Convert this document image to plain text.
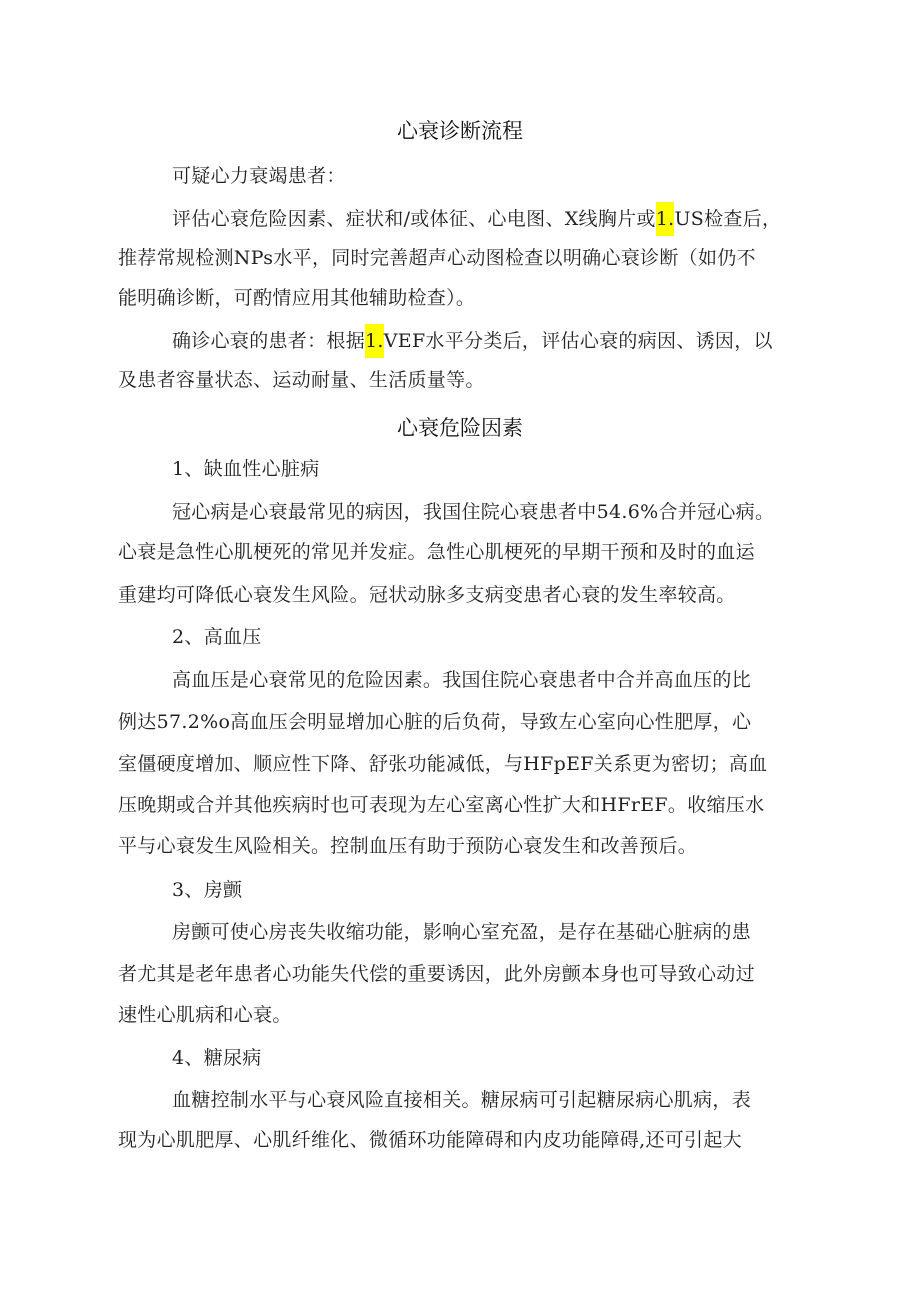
心衰诊断流程
可疑心力衰竭患者：
评估心衰危险因素、症状和/或体征、心电图、X线胸片或1.US检查后，
推荐常规检测NPs水平，同时完善超声心动图检查以明确心衰诊断（如仍不
能明确诊断，可酌情应用其他辅助检查）。
确诊心衰的患者：根据1.VEF水平分类后，评估心衰的病因、诱因，以
及患者容量状态、运动耐量、生活质量等。
心衰危险因素
1、缺血性心脏病
冠心病是心衰最常见的病因，我国住院心衰患者中54.6%合并冠心病。
心衰是急性心肌梗死的常见并发症。急性心肌梗死的早期干预和及时的血运
重建均可降低心衰发生风险。冠状动脉多支病变患者心衰的发生率较高。
2、高血压
高血压是心衰常见的危险因素。我国住院心衰患者中合并高血压的比
例达57.2%o高血压会明显增加心脏的后负荷，导致左心室向心性肥厚，心
室僵硬度增加、顺应性下降、舒张功能减低，与HFpEF关系更为密切；高血
压晚期或合并其他疾病时也可表现为左心室离心性扩大和HFrEF。收缩压水
平与心衰发生风险相关。控制血压有助于预防心衰发生和改善预后。
3、房颤
房颤可使心房丧失收缩功能，影响心室充盈，是存在基础心脏病的患
者尤其是老年患者心功能失代偿的重要诱因，此外房颤本身也可导致心动过
速性心肌病和心衰。
4、糖尿病
血糖控制水平与心衰风险直接相关。糖尿病可引起糖尿病心肌病，表
现为心肌肥厚、心肌纤维化、微循环功能障碍和内皮功能障碍,还可引起大
